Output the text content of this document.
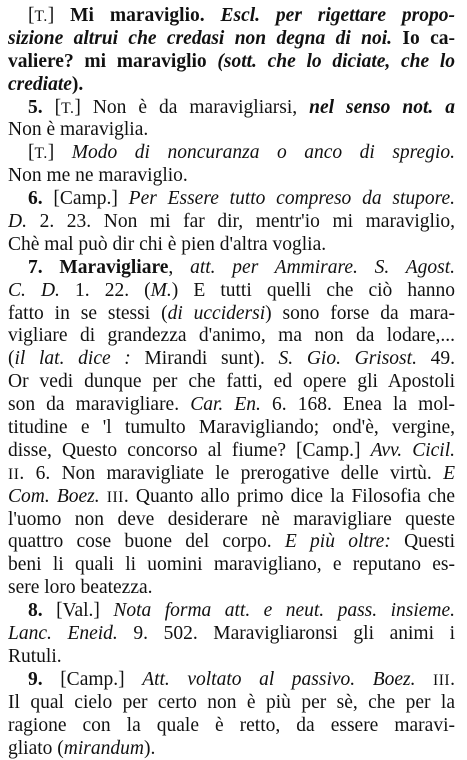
[T.] Mi maraviglio. Escl. per rigettare propo-
sizione altrui che credasi non degna di noi. Io ca-
valiere? mi maraviglio (sott. che lo diciate, che lo
crediate).
5. [T.] Non è da maravigliarsi, nel senso not. a
Non è maraviglia.
[T.] Modo di noncuranza o anco di spregio.
Non me ne maraviglio.
6. [Camp.] Per Essere tutto compreso da stupore.
D. 2. 23. Non mi far dir, mentr'io mi maraviglio,
Chè mal può dir chi è pien d'altra voglia.
7. Maravigliare, att. per Ammirare. S. Agost.
C. D. 1. 22. (M.) E tutti quelli che ciò hanno
fatto in se stessi (di uccidersi) sono forse da mara-
vigliare di grandezza d'animo, ma non da lodare,...
(il lat. dice : Mirandi sunt). S. Gio. Grisost. 49.
Or vedi dunque per che fatti, ed opere gli Apostoli
son da maravigliare. Car. En. 6. 168. Enea la mol-
titudine e 'l tumulto Maravigliando; ond'è, vergine,
disse, Questo concorso al fiume? [Camp.] Avv. Cicil.
II. 6. Non maravigliate le prerogative delle virtù. E
Com. Boez. III. Quanto allo primo dice la Filosofia che
l'uomo non deve desiderare nè maravigliare queste
quattro cose buone del corpo. E più oltre: Questi
beni li quali li uomini maravigliano, e reputano es-
sere loro beatezza.
8. [Val.] Nota forma att. e neut. pass. insieme.
Lanc. Eneid. 9. 502. Maravigliaronsi gli animi i
Rutuli.
9. [Camp.] Att. voltato al passivo. Boez. III.
Il qual cielo per certo non è più per sè, che per la
ragione con la quale è retto, da essere maravi-
gliato (mirandum).
